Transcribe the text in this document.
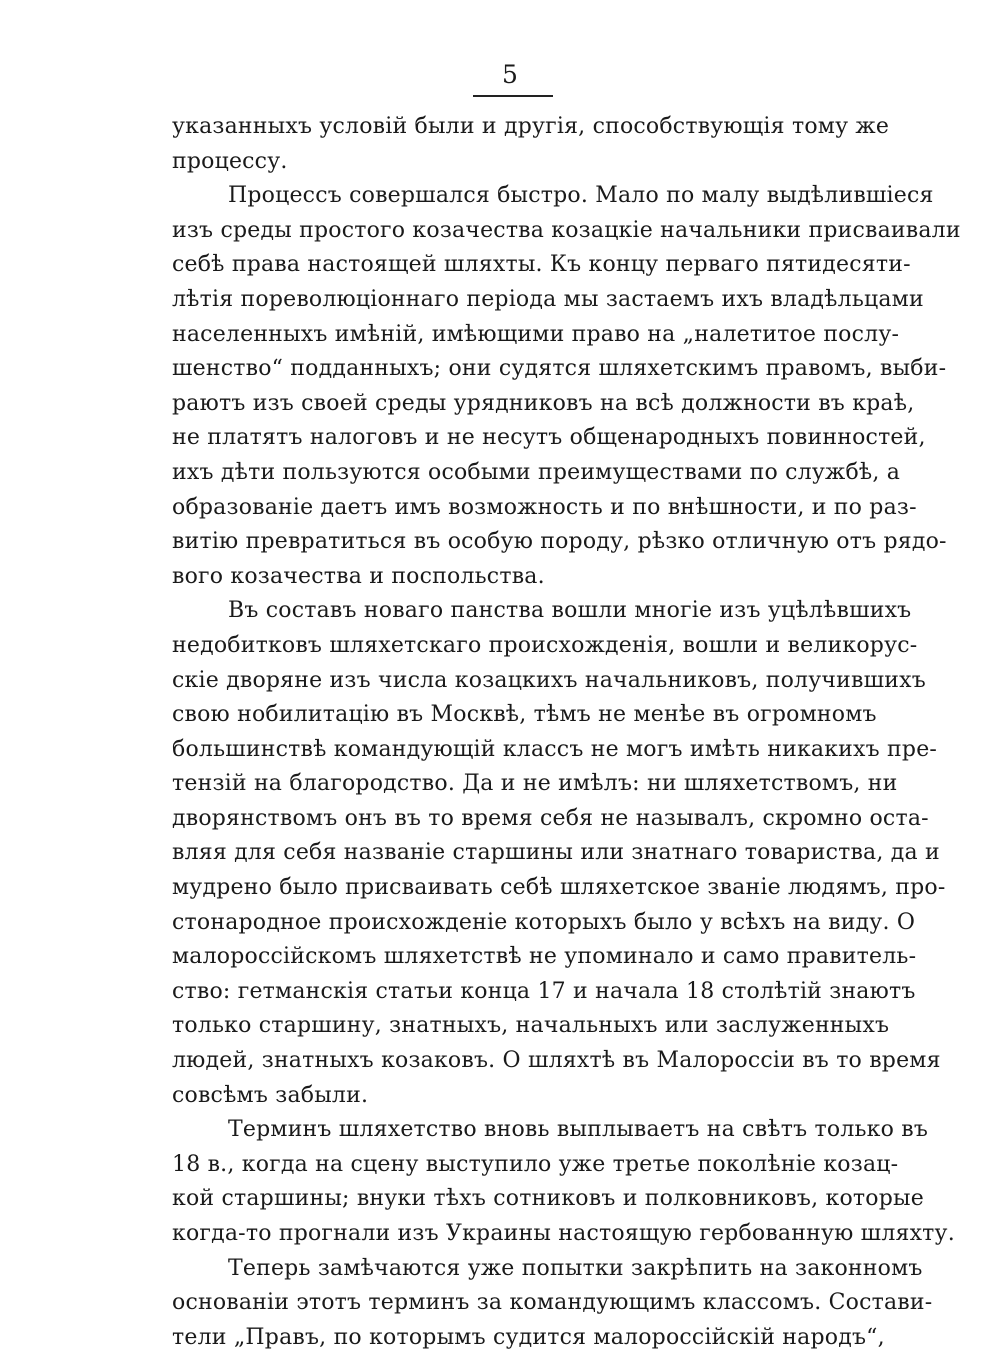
5
указанныхъ условій были и другія, способствующія тому же
процессу.
Процессъ совершался быстро. Мало по малу выдѣлившіеся
изъ среды простого козачества козацкіе начальники присваивали
себѣ права настоящей шляхты. Къ концу перваго пятидесяти-
лѣтія пореволюціоннаго періода мы застаемъ ихъ владѣльцами
населенныхъ имѣній, имѣющими право на „налетитое послу-
шенство“ подданныхъ; они судятся шляхетскимъ правомъ, выби-
раютъ изъ своей среды урядниковъ на всѣ должности въ краѣ,
не платятъ налоговъ и не несутъ общенародныхъ повинностей,
ихъ дѣти пользуются особыми преимуществами по службѣ, а
образованіе даетъ имъ возможность и по внѣшности, и по раз-
витію превратиться въ особую породу, рѣзко отличную отъ рядо-
вого козачества и поспольства.
Въ составъ новаго панства вошли многіе изъ уцѣлѣвшихъ
недобитковъ шляхетскаго происхожденія, вошли и великорус-
скіе дворяне изъ числа козацкихъ начальниковъ, получившихъ
свою нобилитацію въ Москвѣ, тѣмъ не менѣе въ огромномъ
большинствѣ командующій классъ не могъ имѣть никакихъ пре-
тензій на благородство. Да и не имѣлъ: ни шляхетствомъ, ни
дворянствомъ онъ въ то время себя не называлъ, скромно оста-
вляя для себя названіе старшины или знатнаго товариства, да и
мудрено было присваивать себѣ шляхетское званіе людямъ, про-
стонародное происхожденіе которыхъ было у всѣхъ на виду. О
малороссійскомъ шляхетствѣ не упоминало и само правитель-
ство: гетманскія статьи конца 17 и начала 18 столѣтій знаютъ
только старшину, знатныхъ, начальныхъ или заслуженныхъ
людей, знатныхъ козаковъ. О шляхтѣ въ Малороссіи въ то время
совсѣмъ забыли.
Терминъ шляхетство вновь выплываетъ на свѣтъ только въ
18 в., когда на сцену выступило уже третье поколѣніе козац-
кой старшины; внуки тѣхъ сотниковъ и полковниковъ, которые
когда-то прогнали изъ Украины настоящую гербованную шляхту.
Теперь замѣчаются уже попытки закрѣпить на законномъ
основаніи этотъ терминъ за командующимъ классомъ. Состави-
тели „Правъ, по которымъ судится малороссійскій народъ“,
